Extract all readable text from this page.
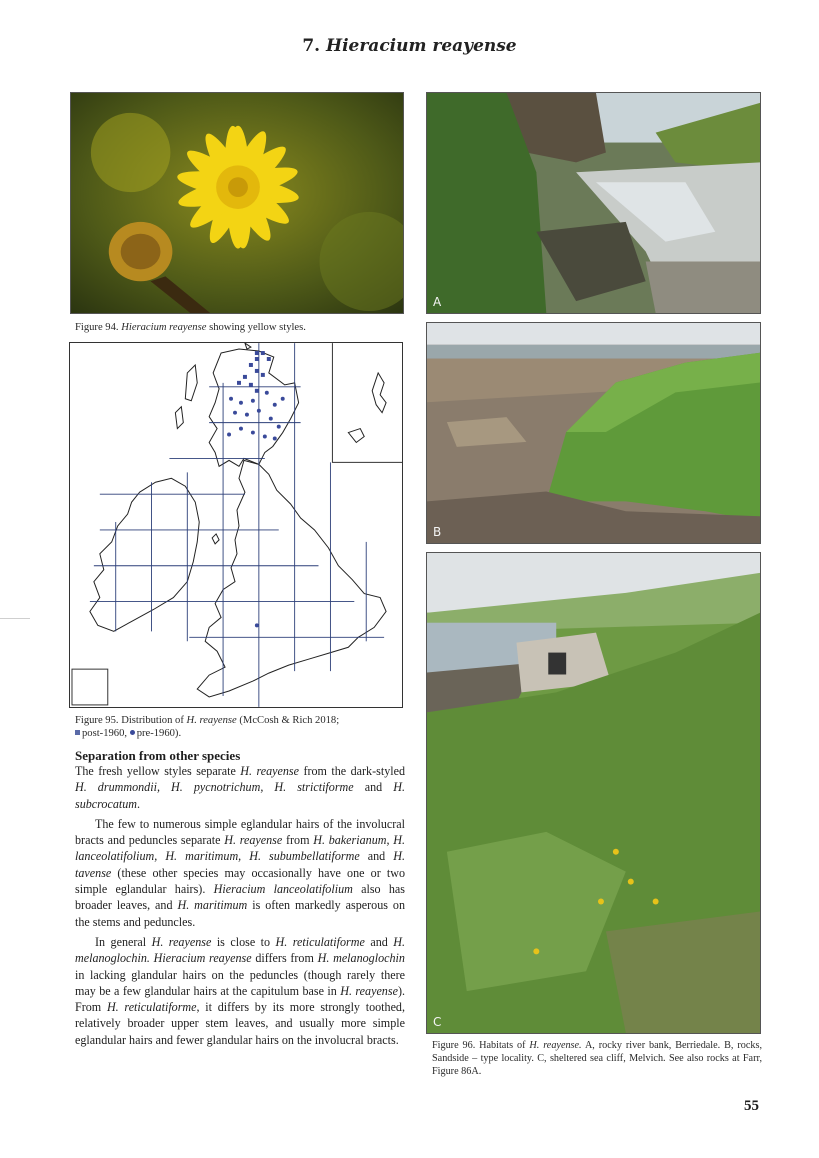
7. Hieracium reayense
Figure 94. Hieracium reayense showing yellow styles.
Figure 95. Distribution of H. reayense (McCosh & Rich 2018;
post-1960, pre-1960).
A
B
C
Figure 96. Habitats of H. reayense. A, rocky river bank, Berriedale. B, rocks, Sandside – type locality. C, sheltered sea cliff, Melvich. See also rocks at Farr, Figure 86A.
Separation from other species

The fresh yellow styles separate H. reayense from the dark-styled H. drummondii, H. pycnotrichum, H. strictiforme and H. subcrocatum.

The few to numerous simple eglandular hairs of the involucral bracts and peduncles separate H. reayense from H. bakerianum, H. lanceolatifolium, H. maritimum, H. subumbellatiforme and H. tavense (these other species may occasionally have one or two simple eglandular hairs). Hieracium lanceolatifolium also has broader leaves, and H. maritimum is often markedly asperous on the stems and peduncles.

In general H. reayense is close to H. reticulatiforme and H. melanoglochin. Hieracium reayense differs from H. melanoglochin in lacking glandular hairs on the peduncles (though rarely there may be a few glandular hairs at the capitulum base in H. reayense). From H. reticulatiforme, it differs by its more strongly toothed, relatively broader upper stem leaves, and usually more simple eglandular hairs and fewer glandular hairs on the involucral bracts.

55
